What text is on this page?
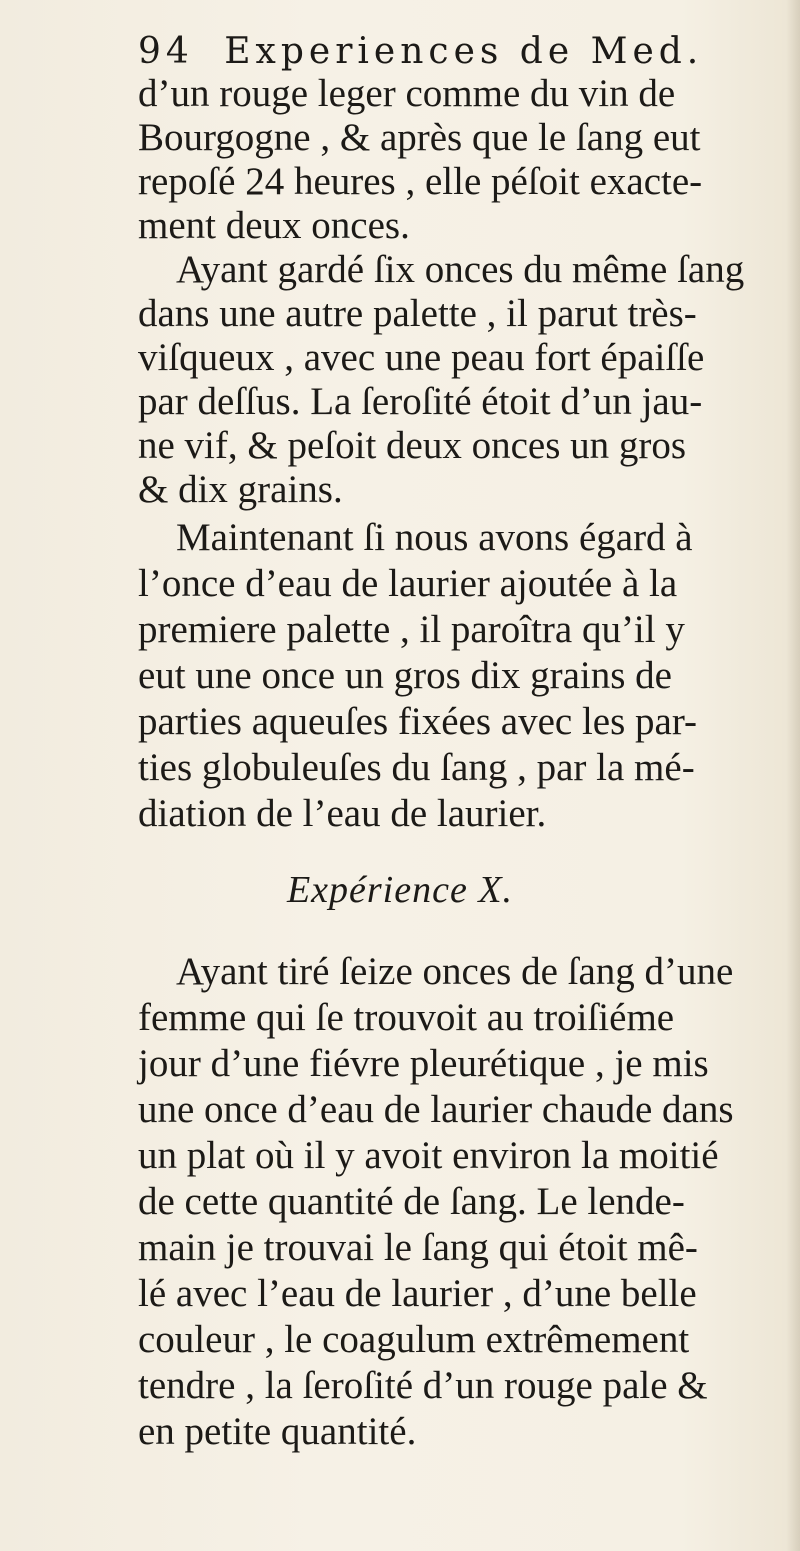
94 Experiences de Med.
d’un rouge leger comme du vin de
Bourgogne , & après que le ſang eut
repoſé 24 heures , elle péſoit exacte-
ment deux onces.
Ayant gardé ſix onces du même ſang
dans une autre palette , il parut très-
viſqueux , avec une peau fort épaiſſe
par deſſus. La ſeroſité étoit d’un jau-
ne vif, & peſoit deux onces un gros
& dix grains.
Maintenant ſi nous avons égard à
l’once d’eau de laurier ajoutée à la
premiere palette , il paroîtra qu’il y
eut une once un gros dix grains de
parties aqueuſes fixées avec les par-
ties globuleuſes du ſang , par la mé-
diation de l’eau de laurier.
Expérience X.
Ayant tiré ſeize onces de ſang d’une
femme qui ſe trouvoit au troiſiéme
jour d’une fiévre pleurétique , je mis
une once d’eau de laurier chaude dans
un plat où il y avoit environ la moitié
de cette quantité de ſang. Le lende-
main je trouvai le ſang qui étoit mê-
lé avec l’eau de laurier , d’une belle
couleur , le coagulum extrêmement
tendre , la ſeroſité d’un rouge pale &
en petite quantité.
